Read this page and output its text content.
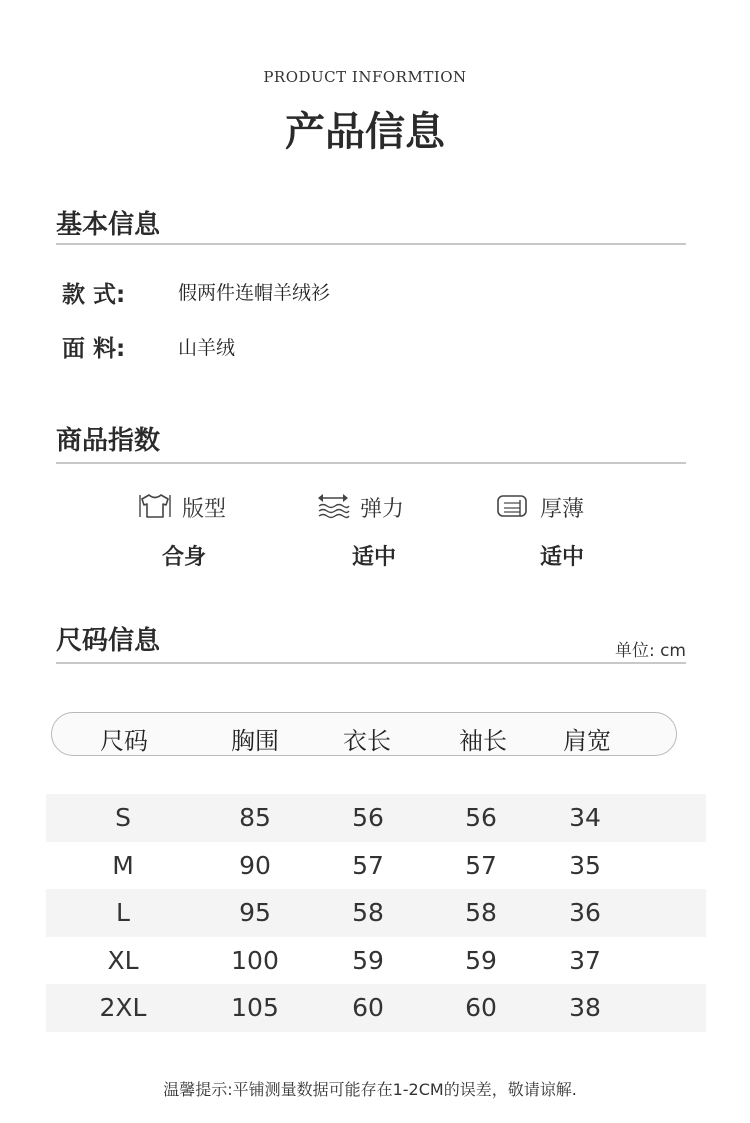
PRODUCT INFORMTION
产品信息
基本信息
款 式:	假两件连帽羊绒衫
面 料:	山羊绒
商品指数
版型	弹力	厚薄
合身	适中	适中
尺码信息	单位: cm
尺码	胸围	衣长	袖长	肩宽
S	85	56	56	34
M	90	57	57	35
L	95	58	58	36
XL	100	59	59	37
2XL	105	60	60	38
温馨提示:平铺测量数据可能存在1-2CM的误差，敬请谅解.
